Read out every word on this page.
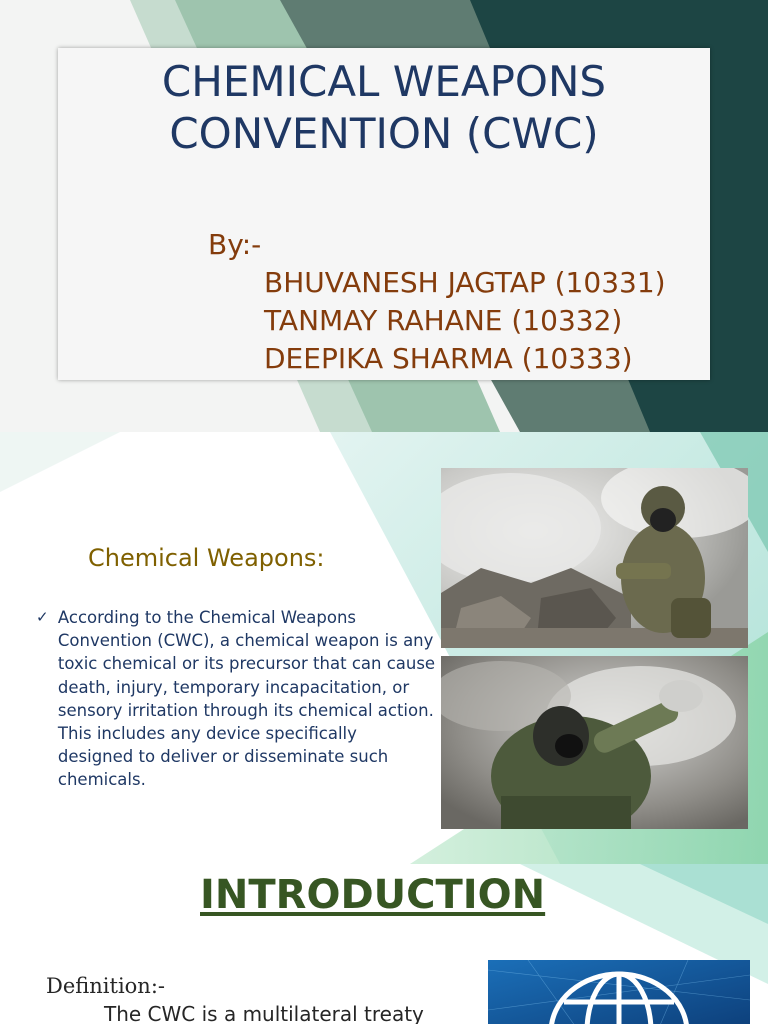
CHEMICAL WEAPONS CONVENTION (CWC)
By:-
BHUVANESH JAGTAP (10331)
TANMAY RAHANE (10332)
DEEPIKA SHARMA (10333)
Chemical Weapons:
✓ According to the Chemical Weapons Convention (CWC), a chemical weapon is any toxic chemical or its precursor that can cause death, injury, temporary incapacitation, or sensory irritation through its chemical action. This includes any device specifically designed to deliver or disseminate such chemicals.
INTRODUCTION
Definition:-
The CWC is a multilateral treaty
